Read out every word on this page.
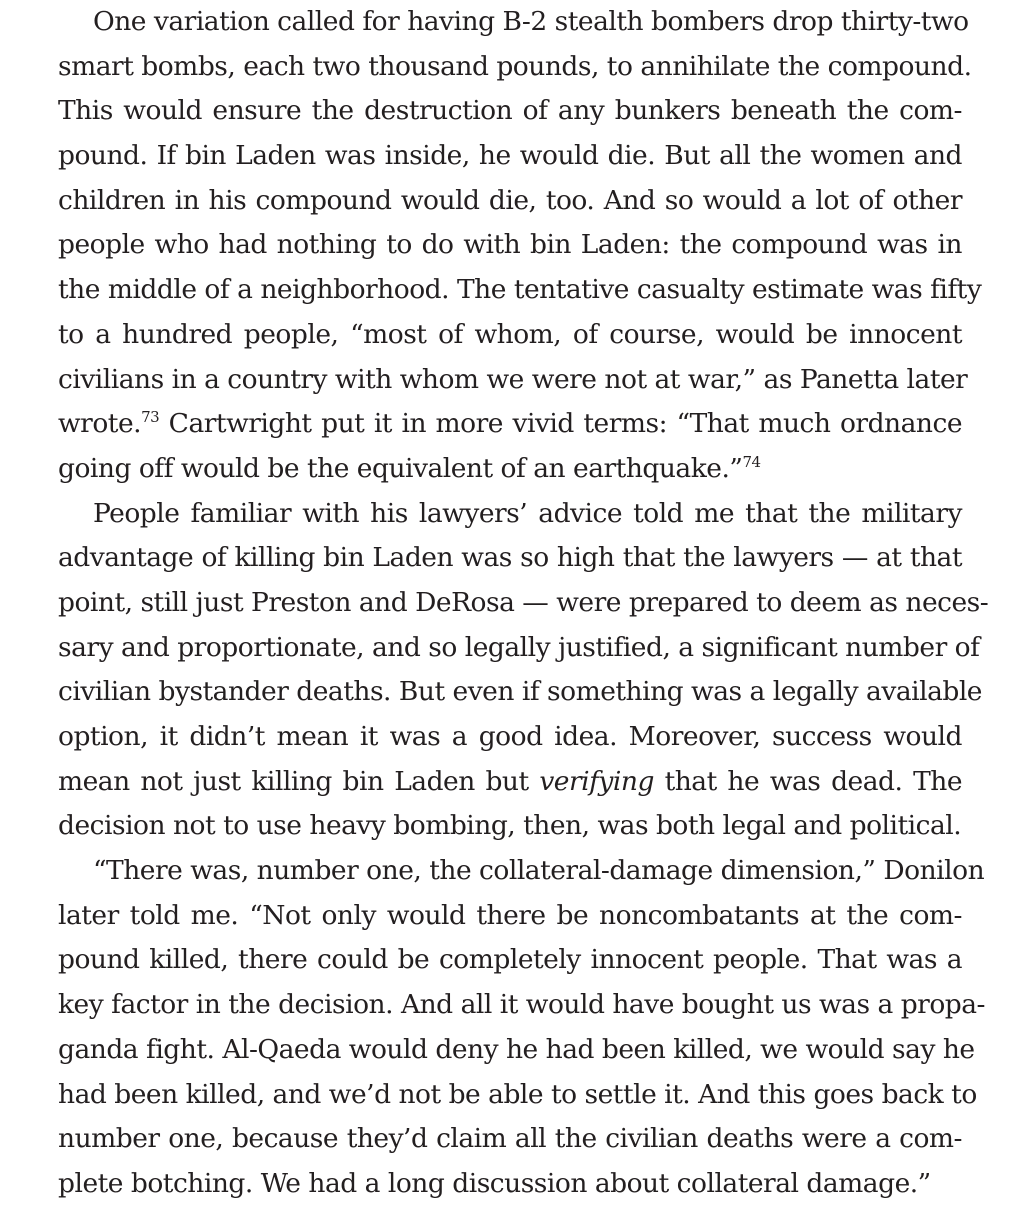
One variation called for having B-2 stealth bombers drop thirty-two
smart bombs, each two thousand pounds, to annihilate the compound.
This would ensure the destruction of any bunkers beneath the com-
pound. If bin Laden was inside, he would die. But all the women and
children in his compound would die, too. And so would a lot of other
people who had nothing to do with bin Laden: the compound was in
the middle of a neighborhood. The tentative casualty estimate was fifty
to a hundred people, “most of whom, of course, would be innocent
civilians in a country with whom we were not at war,” as Panetta later
wrote.$^{73}$ Cartwright put it in more vivid terms: “That much ordnance
going off would be the equivalent of an earthquake.”$^{74}$
People familiar with his lawyers’ advice told me that the military
advantage of killing bin Laden was so high that the lawyers — at that
point, still just Preston and DeRosa — were prepared to deem as neces-
sary and proportionate, and so legally justified, a significant number of
civilian bystander deaths. But even if something was a legally available
option, it didn’t mean it was a good idea. Moreover, success would
mean not just killing bin Laden but verifying that he was dead. The
decision not to use heavy bombing, then, was both legal and political.
“There was, number one, the collateral-damage dimension,” Donilon
later told me. “Not only would there be noncombatants at the com-
pound killed, there could be completely innocent people. That was a
key factor in the decision. And all it would have bought us was a propa-
ganda fight. Al-Qaeda would deny he had been killed, we would say he
had been killed, and we’d not be able to settle it. And this goes back to
number one, because they’d claim all the civilian deaths were a com-
plete botching. We had a long discussion about collateral damage.”
